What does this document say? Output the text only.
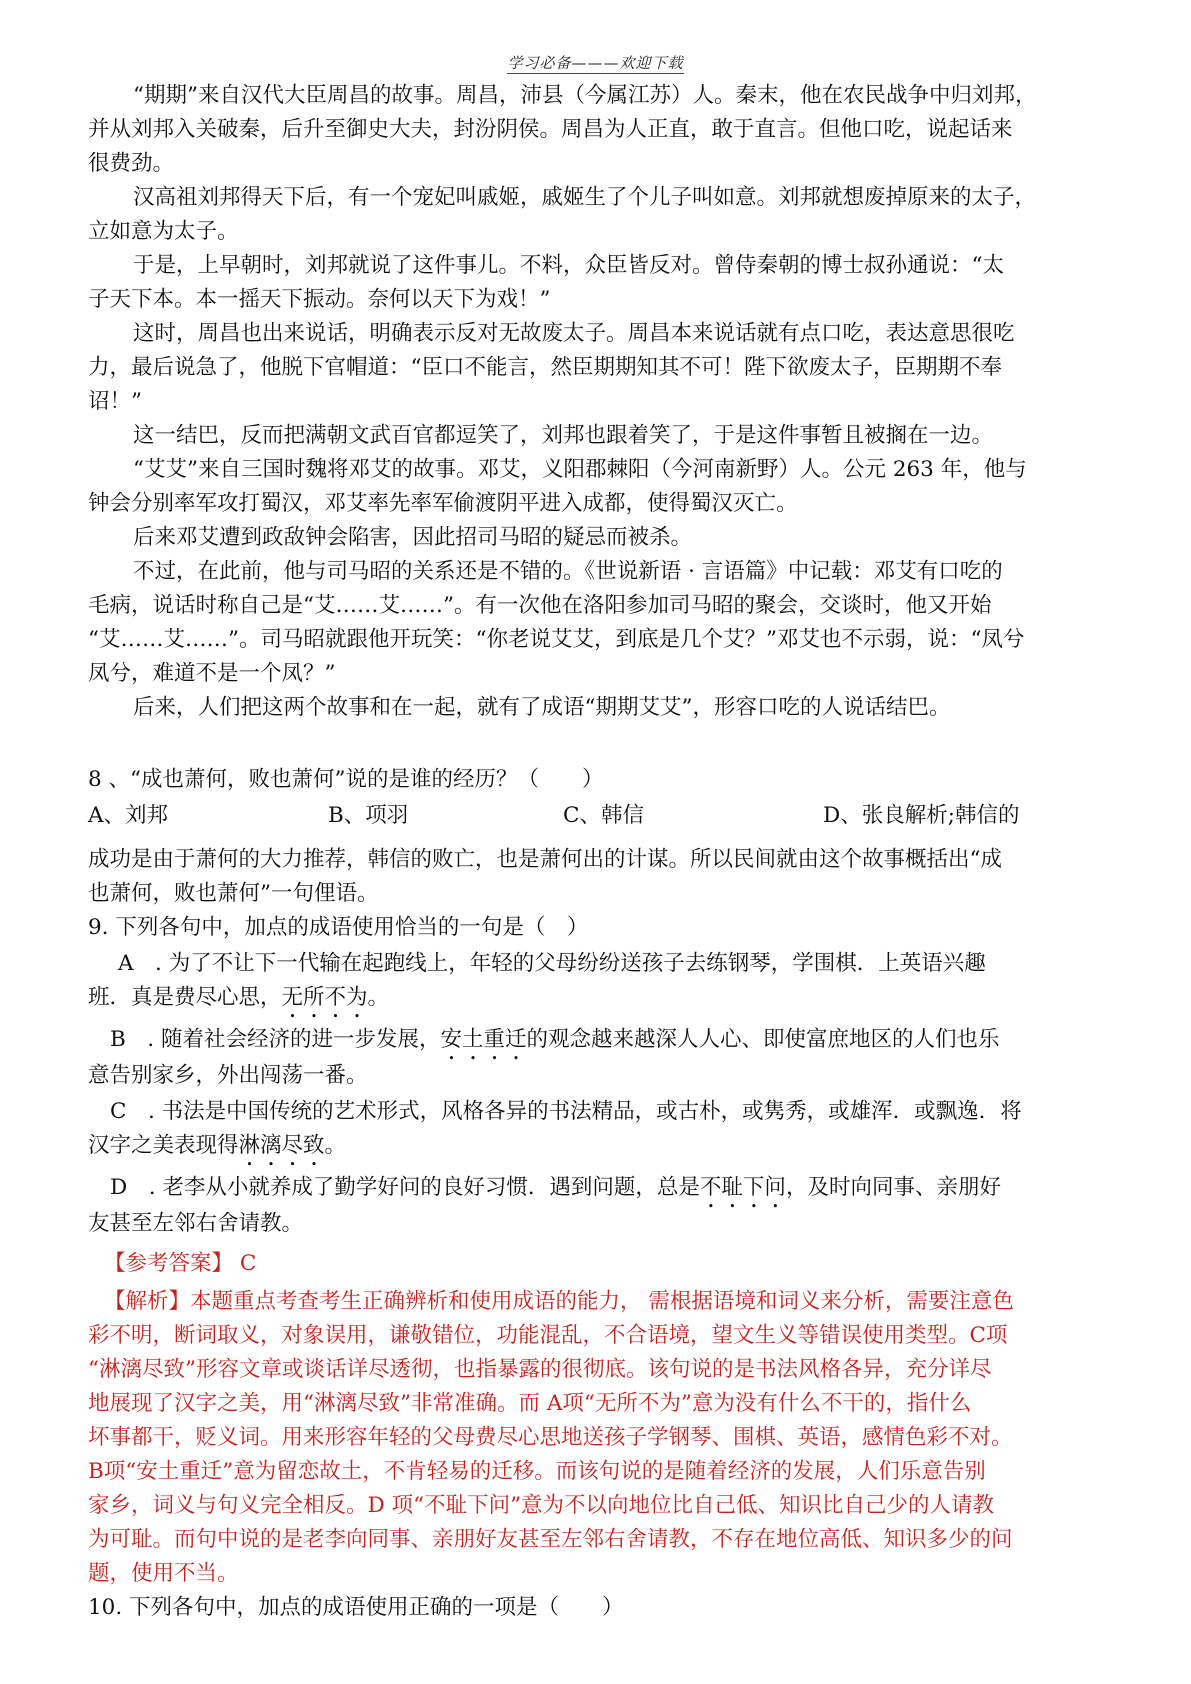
学习必备———欢迎下载

“期期”来自汉代大臣周昌的故事。周昌，沛县（今属江苏）人。秦末，他在农民战争中归刘邦，

并从刘邦入关破秦，后升至御史大夫，封汾阴侯。周昌为人正直，敢于直言。但他口吃，说起话来

很费劲。

汉高祖刘邦得天下后，有一个宠妃叫戚姬，戚姬生了个儿子叫如意。刘邦就想废掉原来的太子，

立如意为太子。

于是，上早朝时，刘邦就说了这件事儿。不料，众臣皆反对。曾侍秦朝的博士叔孙通说：“太

子天下本。本一摇天下振动。奈何以天下为戏！”

这时，周昌也出来说话，明确表示反对无故废太子。周昌本来说话就有点口吃，表达意思很吃

力，最后说急了，他脱下官帽道：“臣口不能言，然臣期期知其不可！陛下欲废太子，臣期期不奉

诏！”

这一结巴，反而把满朝文武百官都逗笑了，刘邦也跟着笑了，于是这件事暂且被搁在一边。

“艾艾”来自三国时魏将邓艾的故事。邓艾，义阳郡棘阳（今河南新野）人。公元 263 年，他与

钟会分别率军攻打蜀汉，邓艾率先率军偷渡阴平进入成都，使得蜀汉灭亡。

后来邓艾遭到政敌钟会陷害，因此招司马昭的疑忌而被杀。

不过，在此前，他与司马昭的关系还是不错的。《世说新语 · 言语篇》中记载：邓艾有口吃的

毛病，说话时称自己是“艾……艾……”。有一次他在洛阳参加司马昭的聚会，交谈时，他又开始

“艾……艾……”。司马昭就跟他开玩笑：“你老说艾艾，到底是几个艾？”邓艾也不示弱，说：“凤兮

凤兮，难道不是一个凤？”

后来，人们把这两个故事和在一起，就有了成语“期期艾艾”，形容口吃的人说话结巴。

8 、“成也萧何，败也萧何”说的是谁的经历？（　　）

A、刘邦	B、项羽	C、韩信	D、张良解析;韩信的

成功是由于萧何的大力推荐，韩信的败亡，也是萧何出的计谋。所以民间就由这个故事概括出“成

也萧何，败也萧何”一句俚语。

9. 下列各句中，加点的成语使用恰当的一句是（　）

A　. 为了不让下一代输在起跑线上，年轻的父母纷纷送孩子去练钢琴，学围棋．上英语兴趣

班．真是费尽心思，无所不为。

B　. 随着社会经济的进一步发展，安土重迁的观念越来越深人人心、即使富庶地区的人们也乐

意告别家乡，外出闯荡一番。

C　. 书法是中国传统的艺术形式，风格各异的书法精品，或古朴，或隽秀，或雄浑．或飘逸．将

汉字之美表现得淋漓尽致。

D　. 老李从小就养成了勤学好问的良好习惯．遇到问题，总是不耻下问，及时向同事、亲朋好

友甚至左邻右舍请教。

【参考答案】 C

【解析】本题重点考查考生正确辨析和使用成语的能力， 需根据语境和词义来分析，需要注意色

彩不明，断词取义，对象误用，谦敬错位，功能混乱，不合语境，望文生义等错误使用类型。C项

“淋漓尽致”形容文章或谈话详尽透彻，也指暴露的很彻底。该句说的是书法风格各异，充分详尽

地展现了汉字之美，用“淋漓尽致”非常准确。而 A项“无所不为”意为没有什么不干的，指什么

坏事都干，贬义词。用来形容年轻的父母费尽心思地送孩子学钢琴、围棋、英语，感情色彩不对。

B项“安土重迁”意为留恋故土，不肯轻易的迁移。而该句说的是随着经济的发展，人们乐意告别

家乡，词义与句义完全相反。D 项“不耻下问”意为不以向地位比自己低、知识比自己少的人请教

为可耻。而句中说的是老李向同事、亲朋好友甚至左邻右舍请教，不存在地位高低、知识多少的问

题，使用不当。

10. 下列各句中，加点的成语使用正确的一项是（　　）
